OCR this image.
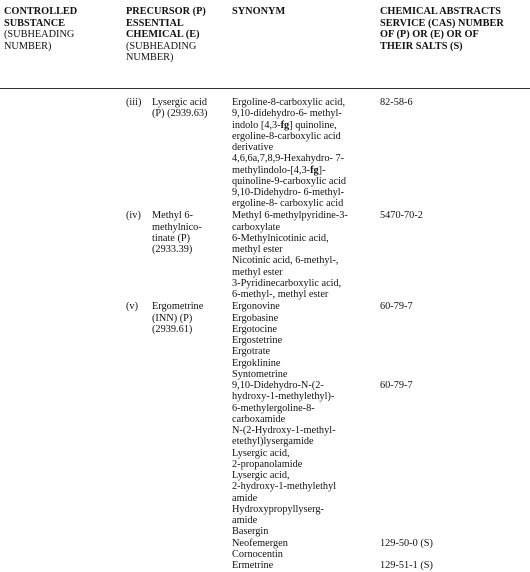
CONTROLLED
SUBSTANCE
(SUBHEADING
NUMBER)
PRECURSOR (P)
ESSENTIAL
CHEMICAL (E)
(SUBHEADING
NUMBER)
SYNONYM	CHEMICAL ABSTRACTS
SERVICE (CAS) NUMBER
OF (P) OR (E) OR OF
THEIR SALTS (S)
(iii) Lysergic acid
(P) (2939.63)
Ergoline-8-carboxylic acid,
9,10-didehydro-6- methyl-
indolo [4,3-fg] quinoline,
ergoline-8-carboxylic acid
derivative
4,6,6a,7,8,9-Hexahydro- 7-
methylindolo-[4,3-fg]-
quinoline-9-carboxylic acid
9,10-Didehydro- 6-methyl-
ergoline-8- carboxylic acid
82-58-6
(iv) Methyl 6-
methylnico-
tinate (P)
(2933.39)
Methyl 6-methylpyridine-3-
carboxylate
6-Methylnicotinic acid,
methyl ester
Nicotinic acid, 6-methyl-,
methyl ester
3-Pyridinecarboxylic acid,
6-methyl-, methyl ester
5470-70-2
(v) Ergometrine
(INN) (P)
(2939.61)
Ergonovine
Ergobasine
Ergotocine
Ergostetrine
Ergotrate
Ergoklinine
Syntometrine
9,10-Didehydro-N-(2-
hydroxy-1-methylethyl)-
6-methylergoline-8-
carboxamide
N-(2-Hydroxy-1-methyl-
etethyl)lysergamide
Lysergic acid,
2-propanolamide
Lysergic acid,
2-hydroxy-1-methylethyl
amide
Hydroxypropyllyserg-
amide
Basergin
Neofemergen
Cornocentin
Ermetrine
60-79-7
60-79-7
129-50-0 (S)
129-51-1 (S)
